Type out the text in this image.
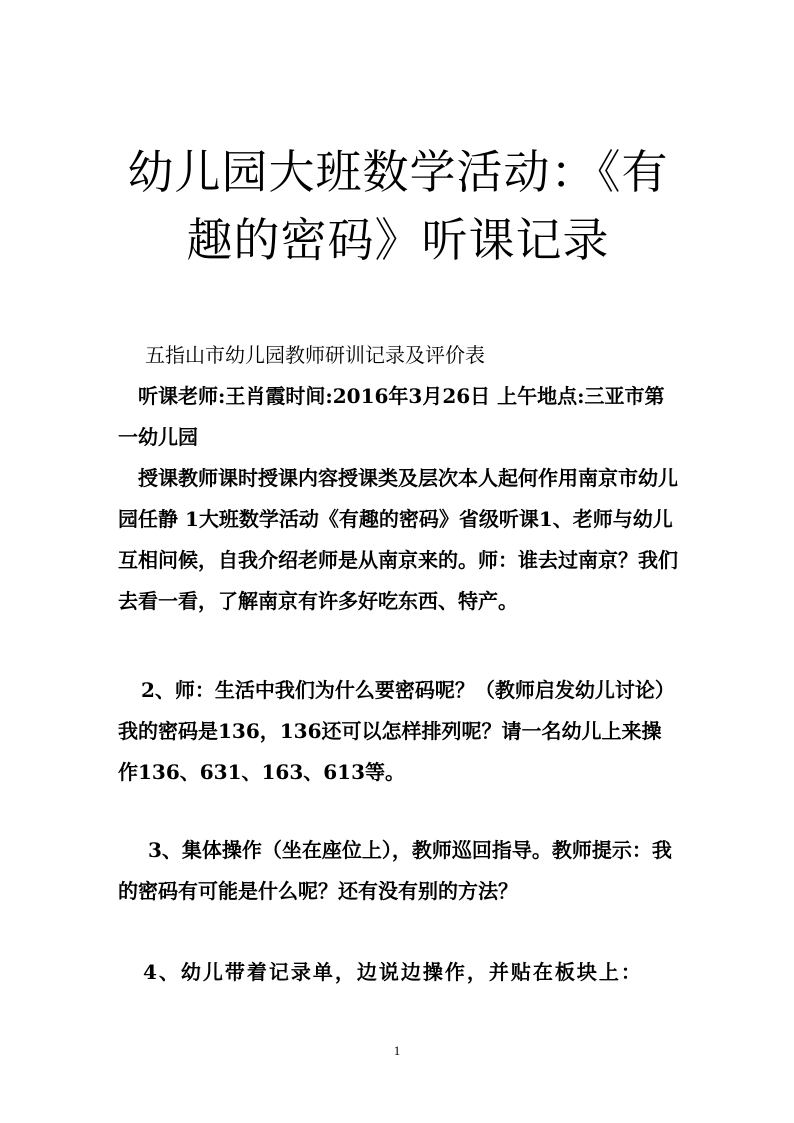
幼儿园大班数学活动：《有趣的密码》听课记录

五指山市幼儿园教师研训记录及评价表

听课老师:王肖霞时间:2016年3月26日 上午地点:三亚市第一幼儿园

授课教师课时授课内容授课类及层次本人起何作用南京市幼儿园任静 1大班数学活动《有趣的密码》省级听课1、老师与幼儿互相问候，自我介绍老师是从南京来的。师：谁去过南京？我们去看一看，了解南京有许多好吃东西、特产。

2、师：生活中我们为什么要密码呢？（教师启发幼儿讨论）我的密码是136，136还可以怎样排列呢？请一名幼儿上来操作136、631、163、613等。

3、集体操作（坐在座位上），教师巡回指导。教师提示：我的密码有可能是什么呢？还有没有别的方法？

4、幼儿带着记录单，边说边操作，并贴在板块上：

1
